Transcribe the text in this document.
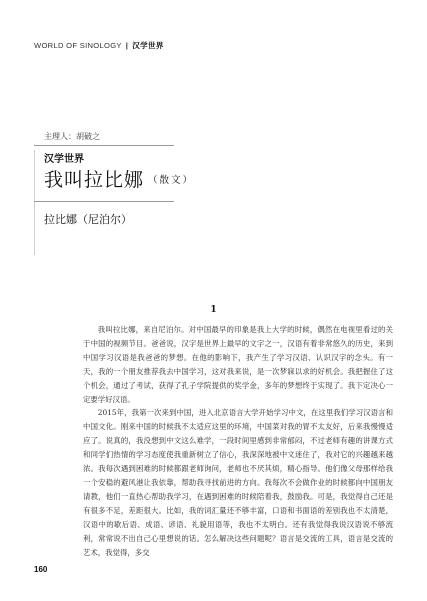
WORLD OF SINOLOGY | 汉学世界
主理人：胡破之
汉学世界
我叫拉比娜 （散文）
拉比娜（尼泊尔）
1

我叫拉比娜，来自尼泊尔。对中国最早的印象是我上大学的时候，偶然在电视里看过的关于中国的视频节目。爸爸说，汉字是世界上最早的文字之一，汉语有着非常悠久的历史，来到中国学习汉语是我爸爸的梦想。在他的影响下，我产生了学习汉语、认识汉字的念头。有一天，我的一个朋友推荐我去中国学习，这对我来说，是一次梦寐以求的好机会。我把握住了这个机会，通过了考试，获得了孔子学院提供的奖学金，多年的梦想终于实现了。我下定决心一定要学好汉语。

2015年，我第一次来到中国，进入北京语言大学开始学习中文，在这里我们学习汉语言和中国文化。刚来中国的时候我不太适应这里的环境，中国菜对我的胃不太友好，后来我慢慢适应了。说真的，我没想到中文这么难学，一段时间里感到非常郁闷，不过老师有趣的讲课方式和同学们热情的学习态度使我重新树立了信心，我深深地被中文迷住了，我对它的兴趣越来越浓。我每次遇到困难的时候都跟老师询问，老师也不厌其烦，精心指导。他们像父母那样给我一个安稳的避风港让我依靠，帮助我寻找前进的方向。我每次不会做作业的时候都向中国朋友请教，他们一直热心帮助我学习，在遇到困难的时候陪着我，鼓励我。可是，我觉得自己还是有很多不足，差距很大。比如，我的词汇量还不够丰富，口语和书面语的差别我也不太清楚，汉语中的歇后语、成语、谚语、礼貌用语等，我也不太明白。还有我觉得我说汉语说不够流利，常常说不出自己心里想说的话。怎么解决这些问题呢？语言是交流的工具，语言是交流的艺术，我觉得，多交

160
